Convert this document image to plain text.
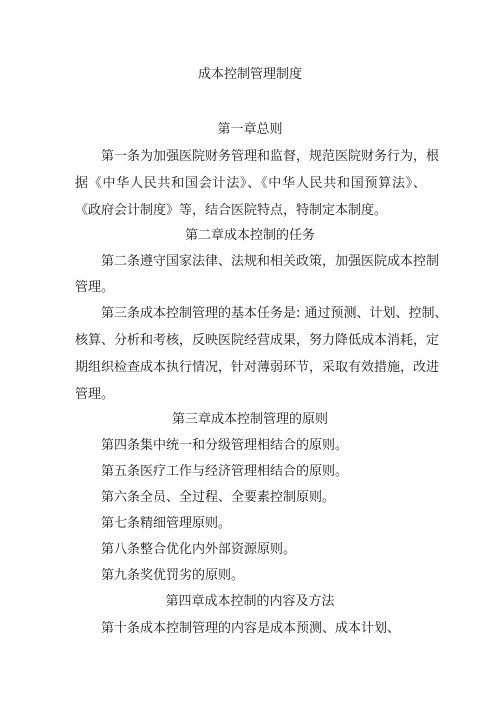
成本控制管理制度
第一章总则
第一条为加强医院财务管理和监督，规范医院财务行为，根
据《中华人民共和国会计法》、《中华人民共和国预算法》、
《政府会计制度》等，结合医院特点，特制定本制度。
第二章成本控制的任务
第二条遵守国家法律、法规和相关政策，加强医院成本控制
管理。
第三条成本控制管理的基本任务是: 通过预测、计划、控制、
核算、分析和考核，反映医院经营成果，努力降低成本消耗，定
期组织检查成本执行情况，针对薄弱环节，采取有效措施，改进
管理。
第三章成本控制管理的原则
第四条集中统一和分级管理相结合的原则。
第五条医疗工作与经济管理相结合的原则。
第六条全员、全过程、全要素控制原则。
第七条精细管理原则。
第八条整合优化内外部资源原则。
第九条奖优罚劣的原则。
第四章成本控制的内容及方法
第十条成本控制管理的内容是成本预测、成本计划、
